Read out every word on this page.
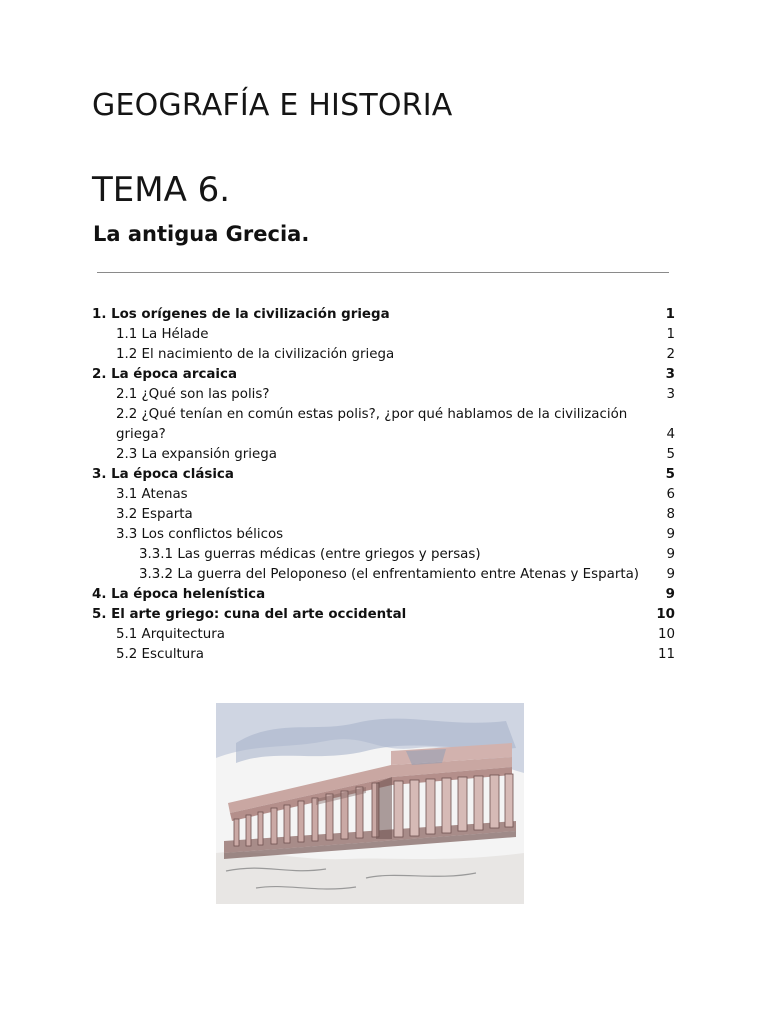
GEOGRAFÍA E HISTORIA
TEMA 6.
La antigua Grecia.
1. Los orígenes de la civilización griega	1
1.1 La Hélade	1
1.2 El nacimiento de la civilización griega	2
2. La época arcaica	3
2.1 ¿Qué son las polis?	3
2.2 ¿Qué tenían en común estas polis?, ¿por qué hablamos de la civilización griega?	4
2.3 La expansión griega	5
3. La época clásica	5
3.1 Atenas	6
3.2 Esparta	8
3.3 Los conflictos bélicos	9
3.3.1 Las guerras médicas (entre griegos y persas)	9
3.3.2 La guerra del Peloponeso (el enfrentamiento entre Atenas y Esparta)	9
4. La época helenística	9
5. El arte griego: cuna del arte occidental	10
5.1 Arquitectura	10
5.2 Escultura	11
